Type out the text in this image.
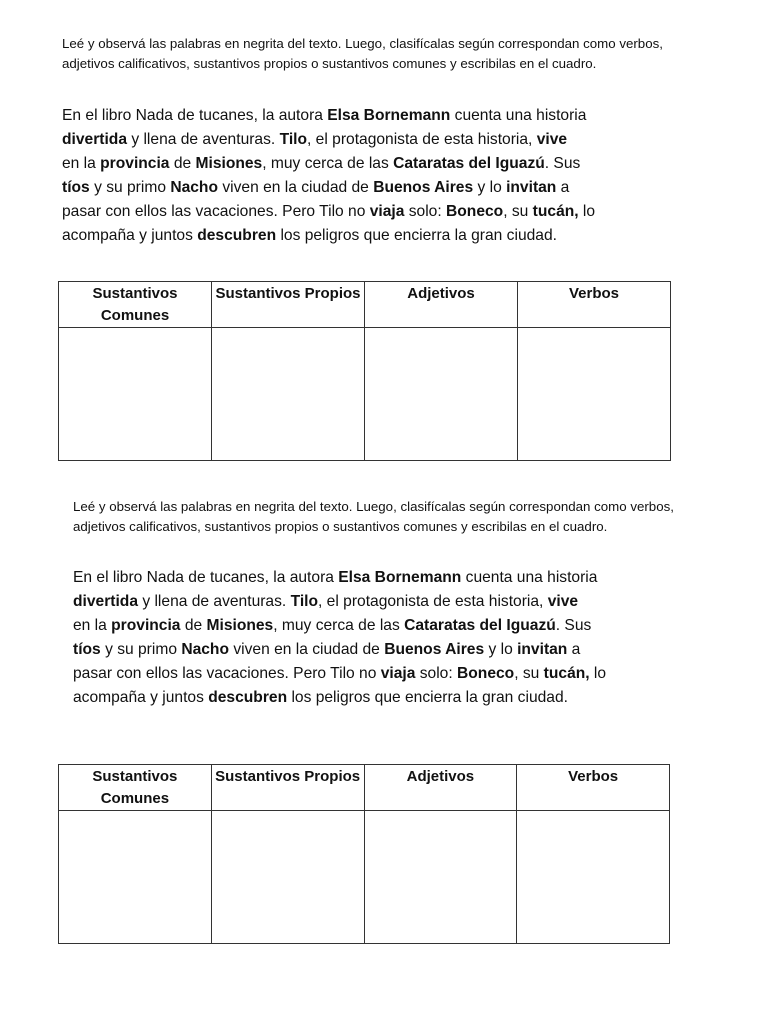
Leé y observá las palabras en negrita del texto. Luego, clasifícalas según correspondan como verbos, adjetivos calificativos, sustantivos propios o sustantivos comunes y escribilas en el cuadro.

En el libro Nada de tucanes, la autora Elsa Bornemann cuenta una historia
divertida y llena de aventuras. Tilo, el protagonista de esta historia, vive
en la provincia de Misiones, muy cerca de las Cataratas del Iguazú. Sus
tíos y su primo Nacho viven en la ciudad de Buenos Aires y lo invitan a
pasar con ellos las vacaciones. Pero Tilo no viaja solo: Boneco, su tucán, lo
acompaña y juntos descubren los peligros que encierra la gran ciudad.
Sustantivos Comunes	Sustantivos Propios	Adjetivos	Verbos

Leé y observá las palabras en negrita del texto. Luego, clasifícalas según correspondan como verbos, adjetivos calificativos, sustantivos propios o sustantivos comunes y escribilas en el cuadro.

En el libro Nada de tucanes, la autora Elsa Bornemann cuenta una historia
divertida y llena de aventuras. Tilo, el protagonista de esta historia, vive
en la provincia de Misiones, muy cerca de las Cataratas del Iguazú. Sus
tíos y su primo Nacho viven en la ciudad de Buenos Aires y lo invitan a
pasar con ellos las vacaciones. Pero Tilo no viaja solo: Boneco, su tucán, lo
acompaña y juntos descubren los peligros que encierra la gran ciudad.
Sustantivos Comunes	Sustantivos Propios	Adjetivos	Verbos
